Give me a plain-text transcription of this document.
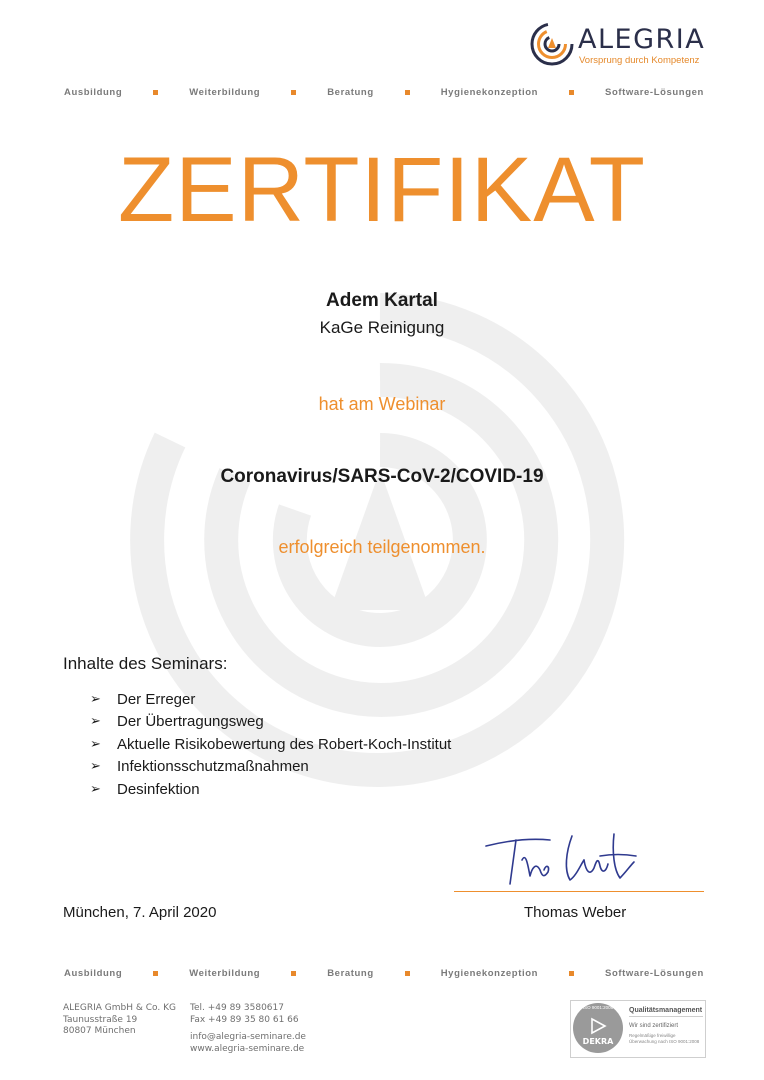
ALEGRIA
Vorsprung durch Kompetenz
Ausbildung	Weiterbildung	Beratung	Hygienekonzeption	Software-Lösungen
ZERTIFIKAT
Adem Kartal
KaGe Reinigung
hat am Webinar
Coronavirus/SARS-CoV-2/COVID-19
erfolgreich teilgenommen.
Inhalte des Seminars:
➢	Der Erreger
➢	Der Übertragungsweg
➢	Aktuelle Risikobewertung des Robert-Koch-Institut
➢	Infektionsschutzmaßnahmen
➢	Desinfektion
München, 7. April 2020	Thomas Weber
Ausbildung	Weiterbildung	Beratung	Hygienekonzeption	Software-Lösungen
ALEGRIA GmbH & Co. KG
Taunusstraße 19
80807 München
Tel. +49 89 3580617
Fax +49 89 35 80 61 66
info@alegria-seminare.de
www.alegria-seminare.de
ISO 9001:2008
DEKRA
Qualitätsmanagement
Wir sind zertifiziert
Regelmäßige freiwillige Überwachung nach ISO 9001:2008
